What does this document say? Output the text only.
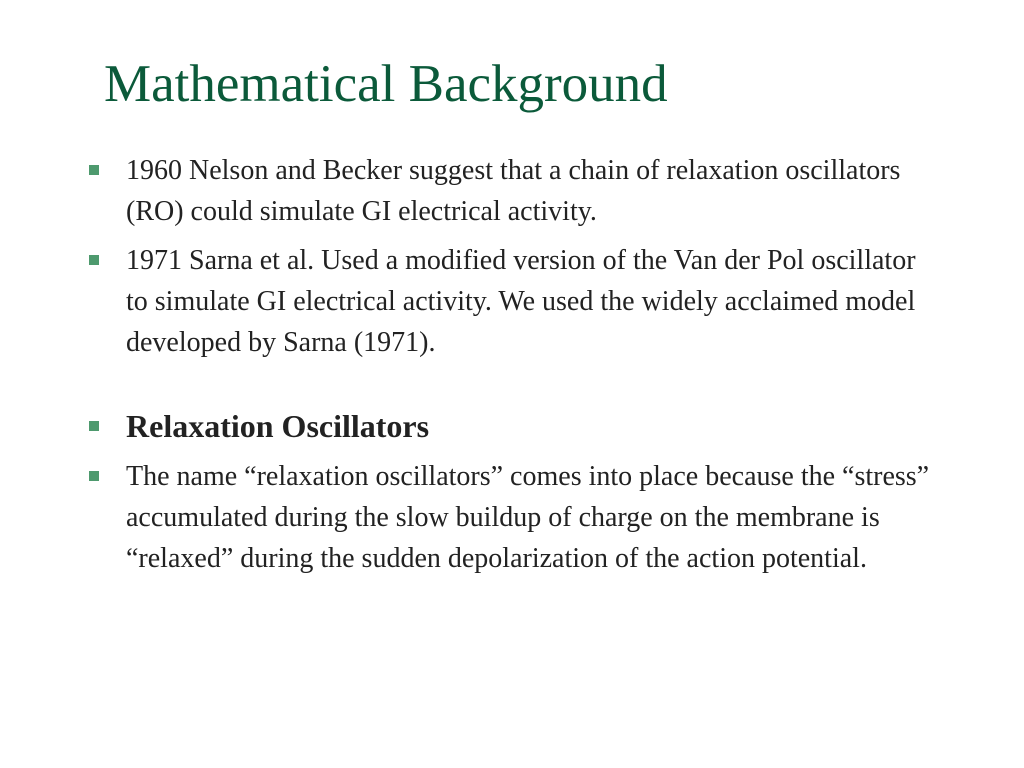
Mathematical Background
1960 Nelson and Becker suggest that a chain of relaxation oscillators (RO) could simulate GI electrical activity.
1971 Sarna et al. Used a modified version of the Van der Pol oscillator to simulate GI electrical activity. We used the widely acclaimed model developed by Sarna (1971).
Relaxation Oscillators
The name “relaxation oscillators” comes into place because the “stress” accumulated during the slow buildup of charge on the membrane is “relaxed” during the sudden depolarization of the action potential.
